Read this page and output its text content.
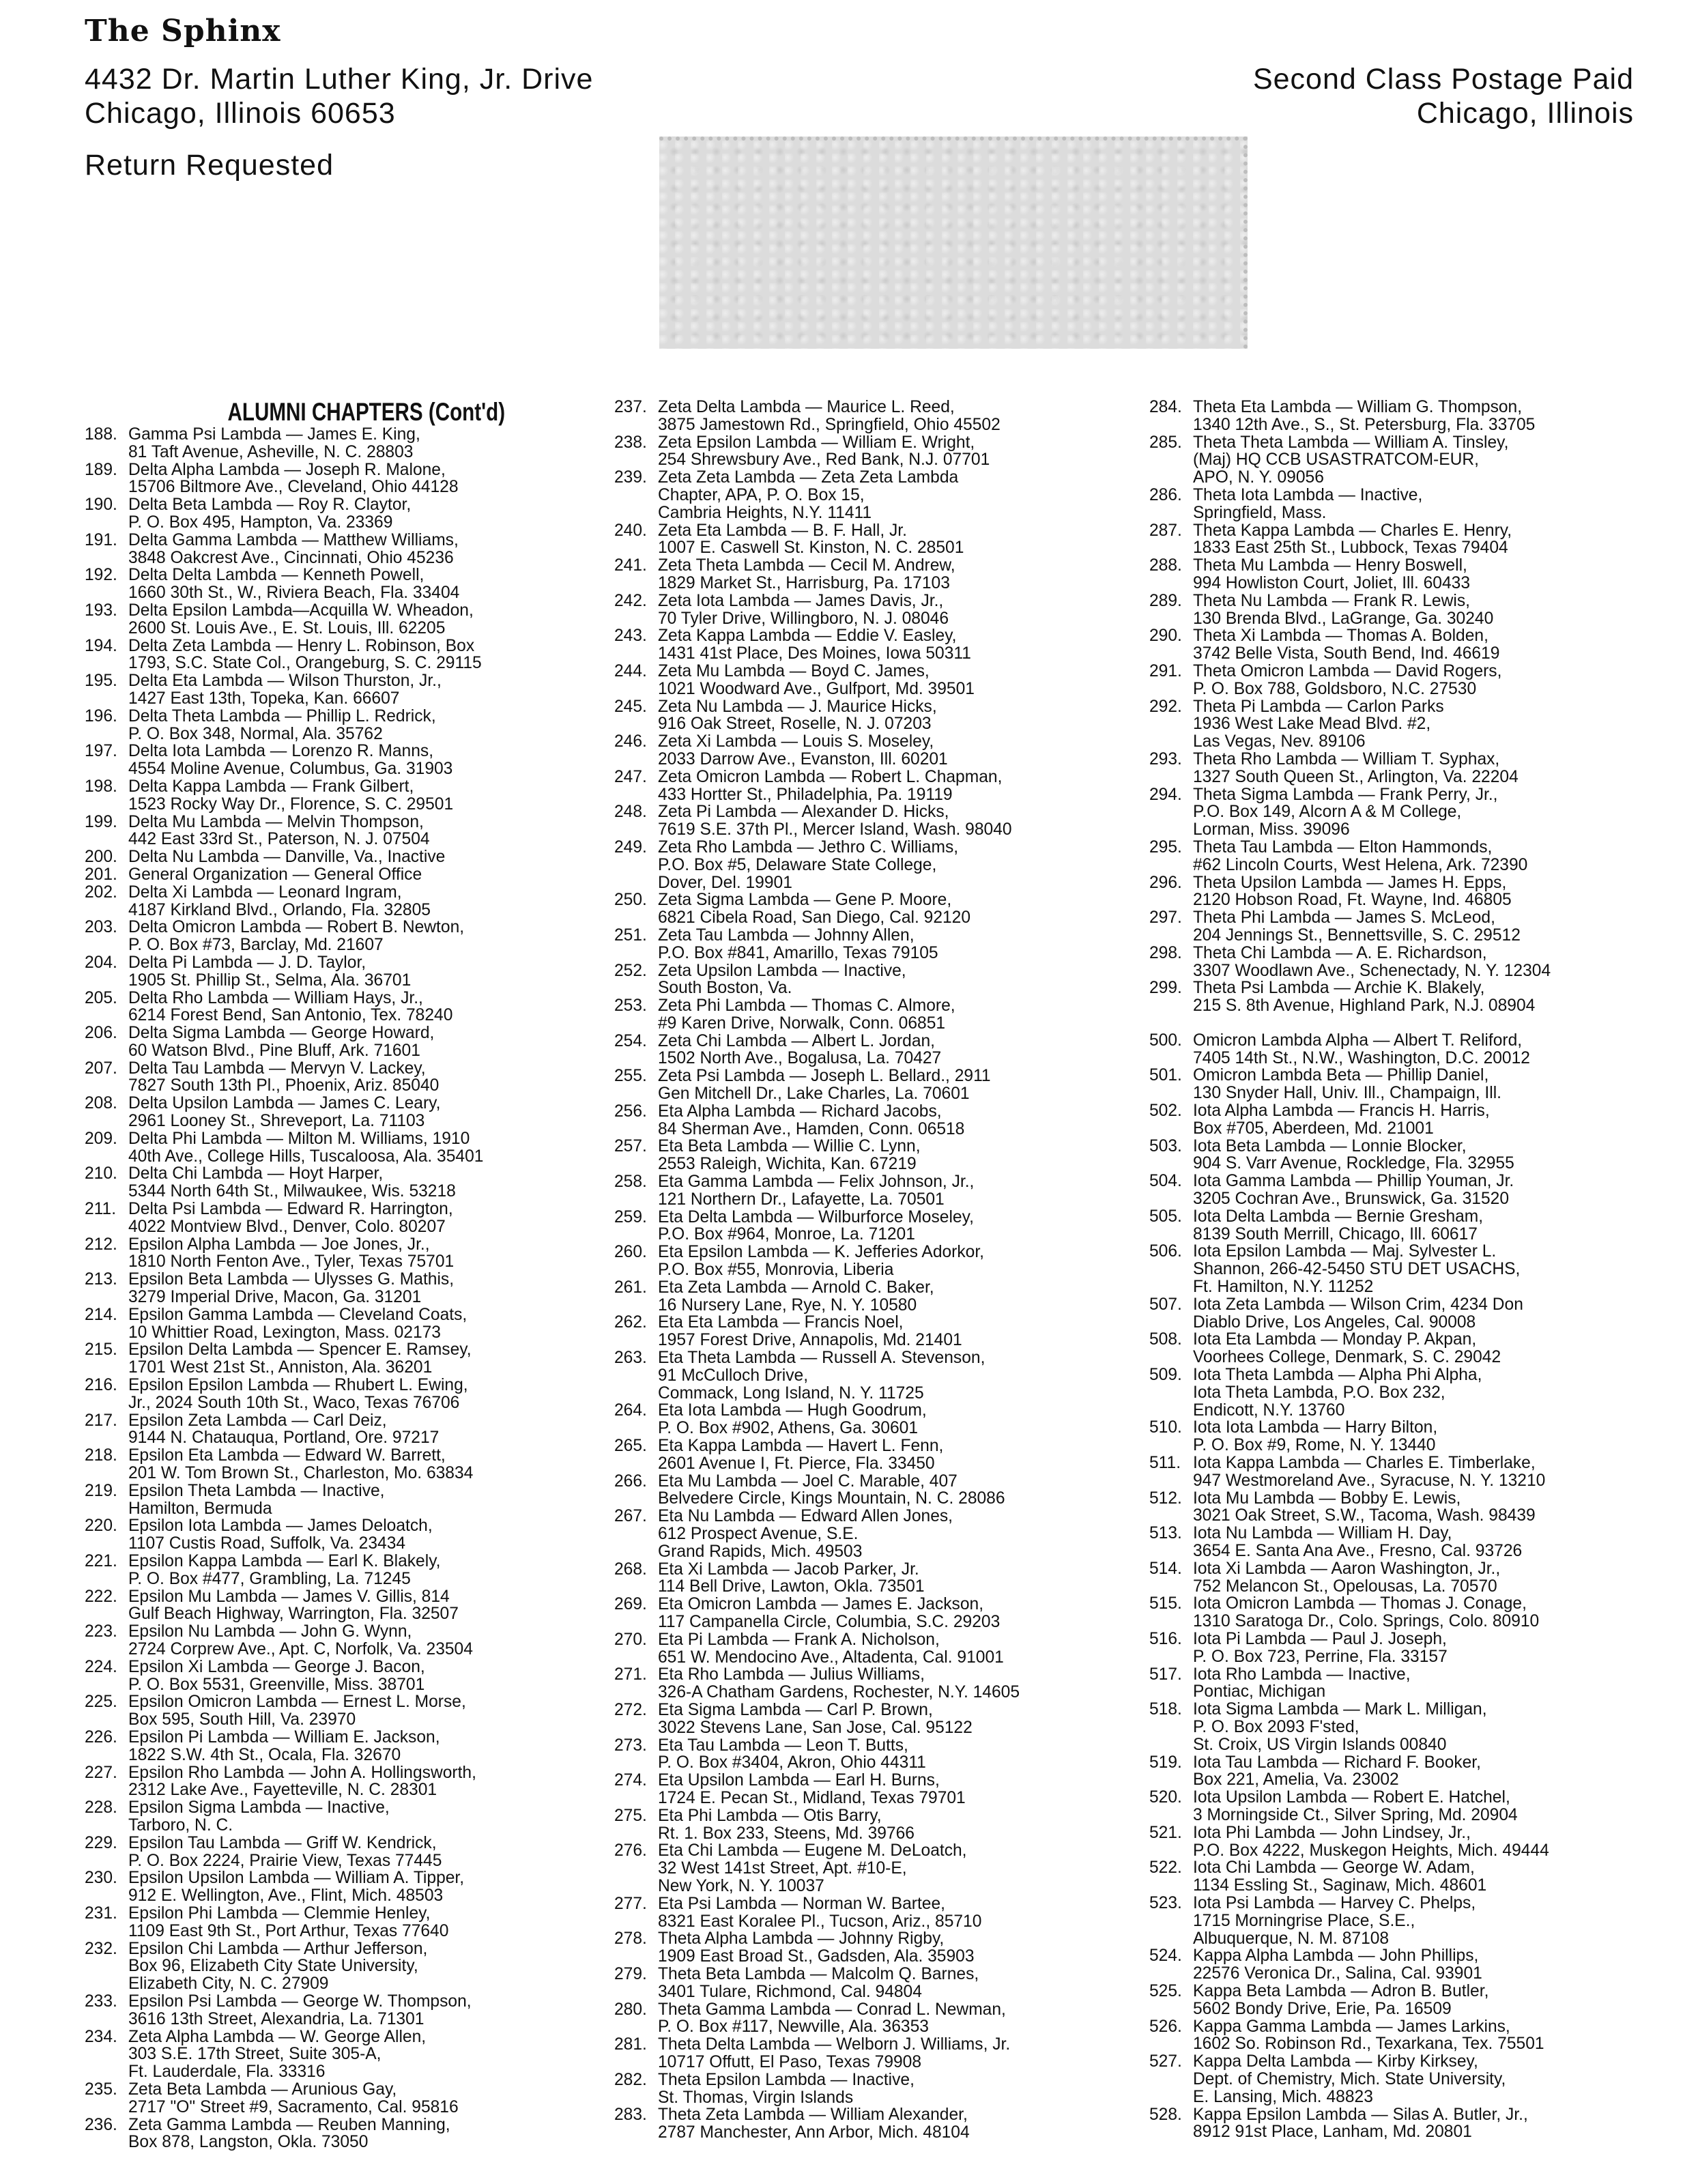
The Sphinx
4432 Dr. Martin Luther King, Jr. Drive
Chicago, Illinois 60653
Return Requested
Second Class Postage Paid
Chicago, Illinois
ALUMNI CHAPTERS (Cont'd)
188. Gamma Psi Lambda — James E. King,
81 Taft Avenue, Asheville, N. C. 28803
189. Delta Alpha Lambda — Joseph R. Malone,
15706 Biltmore Ave., Cleveland, Ohio 44128
190. Delta Beta Lambda — Roy R. Claytor,
P. O. Box 495, Hampton, Va. 23369
191. Delta Gamma Lambda — Matthew Williams,
3848 Oakcrest Ave., Cincinnati, Ohio 45236
192. Delta Delta Lambda — Kenneth Powell,
1660 30th St., W., Riviera Beach, Fla. 33404
193. Delta Epsilon Lambda—Acquilla W. Wheadon,
2600 St. Louis Ave., E. St. Louis, Ill. 62205
194. Delta Zeta Lambda — Henry L. Robinson, Box
1793, S.C. State Col., Orangeburg, S. C. 29115
195. Delta Eta Lambda — Wilson Thurston, Jr.,
1427 East 13th, Topeka, Kan. 66607
196. Delta Theta Lambda — Phillip L. Redrick,
P. O. Box 348, Normal, Ala. 35762
197. Delta Iota Lambda — Lorenzo R. Manns,
4554 Moline Avenue, Columbus, Ga. 31903
198. Delta Kappa Lambda — Frank Gilbert,
1523 Rocky Way Dr., Florence, S. C. 29501
199. Delta Mu Lambda — Melvin Thompson,
442 East 33rd St., Paterson, N. J. 07504
200. Delta Nu Lambda — Danville, Va., Inactive
201. General Organization — General Office
202. Delta Xi Lambda — Leonard Ingram,
4187 Kirkland Blvd., Orlando, Fla. 32805
203. Delta Omicron Lambda — Robert B. Newton,
P. O. Box #73, Barclay, Md. 21607
204. Delta Pi Lambda — J. D. Taylor,
1905 St. Phillip St., Selma, Ala. 36701
205. Delta Rho Lambda — William Hays, Jr.,
6214 Forest Bend, San Antonio, Tex. 78240
206. Delta Sigma Lambda — George Howard,
60 Watson Blvd., Pine Bluff, Ark. 71601
207. Delta Tau Lambda — Mervyn V. Lackey,
7827 South 13th Pl., Phoenix, Ariz. 85040
208. Delta Upsilon Lambda — James C. Leary,
2961 Looney St., Shreveport, La. 71103
209. Delta Phi Lambda — Milton M. Williams, 1910
40th Ave., College Hills, Tuscaloosa, Ala. 35401
210. Delta Chi Lambda — Hoyt Harper,
5344 North 64th St., Milwaukee, Wis. 53218
211. Delta Psi Lambda — Edward R. Harrington,
4022 Montview Blvd., Denver, Colo. 80207
212. Epsilon Alpha Lambda — Joe Jones, Jr.,
1810 North Fenton Ave., Tyler, Texas 75701
213. Epsilon Beta Lambda — Ulysses G. Mathis,
3279 Imperial Drive, Macon, Ga. 31201
214. Epsilon Gamma Lambda — Cleveland Coats,
10 Whittier Road, Lexington, Mass. 02173
215. Epsilon Delta Lambda — Spencer E. Ramsey,
1701 West 21st St., Anniston, Ala. 36201
216. Epsilon Epsilon Lambda — Rhubert L. Ewing,
Jr., 2024 South 10th St., Waco, Texas 76706
217. Epsilon Zeta Lambda — Carl Deiz,
9144 N. Chatauqua, Portland, Ore. 97217
218. Epsilon Eta Lambda — Edward W. Barrett,
201 W. Tom Brown St., Charleston, Mo. 63834
219. Epsilon Theta Lambda — Inactive,
Hamilton, Bermuda
220. Epsilon Iota Lambda — James Deloatch,
1107 Custis Road, Suffolk, Va. 23434
221. Epsilon Kappa Lambda — Earl K. Blakely,
P. O. Box #477, Grambling, La. 71245
222. Epsilon Mu Lambda — James V. Gillis, 814
Gulf Beach Highway, Warrington, Fla. 32507
223. Epsilon Nu Lambda — John G. Wynn,
2724 Corprew Ave., Apt. C, Norfolk, Va. 23504
224. Epsilon Xi Lambda — George J. Bacon,
P. O. Box 5531, Greenville, Miss. 38701
225. Epsilon Omicron Lambda — Ernest L. Morse,
Box 595, South Hill, Va. 23970
226. Epsilon Pi Lambda — William E. Jackson,
1822 S.W. 4th St., Ocala, Fla. 32670
227. Epsilon Rho Lambda — John A. Hollingsworth,
2312 Lake Ave., Fayetteville, N. C. 28301
228. Epsilon Sigma Lambda — Inactive,
Tarboro, N. C.
229. Epsilon Tau Lambda — Griff W. Kendrick,
P. O. Box 2224, Prairie View, Texas 77445
230. Epsilon Upsilon Lambda — William A. Tipper,
912 E. Wellington, Ave., Flint, Mich. 48503
231. Epsilon Phi Lambda — Clemmie Henley,
1109 East 9th St., Port Arthur, Texas 77640
232. Epsilon Chi Lambda — Arthur Jefferson,
Box 96, Elizabeth City State University,
Elizabeth City, N. C. 27909
233. Epsilon Psi Lambda — George W. Thompson,
3616 13th Street, Alexandria, La. 71301
234. Zeta Alpha Lambda — W. George Allen,
303 S.E. 17th Street, Suite 305-A,
Ft. Lauderdale, Fla. 33316
235. Zeta Beta Lambda — Arunious Gay,
2717 "O" Street #9, Sacramento, Cal. 95816
236. Zeta Gamma Lambda — Reuben Manning,
Box 878, Langston, Okla. 73050
237. Zeta Delta Lambda — Maurice L. Reed,
3875 Jamestown Rd., Springfield, Ohio 45502
238. Zeta Epsilon Lambda — William E. Wright,
254 Shrewsbury Ave., Red Bank, N.J. 07701
239. Zeta Zeta Lambda — Zeta Zeta Lambda
Chapter, APA, P. O. Box 15,
Cambria Heights, N.Y. 11411
240. Zeta Eta Lambda — B. F. Hall, Jr.
1007 E. Caswell St. Kinston, N. C. 28501
241. Zeta Theta Lambda — Cecil M. Andrew,
1829 Market St., Harrisburg, Pa. 17103
242. Zeta Iota Lambda — James Davis, Jr.,
70 Tyler Drive, Willingboro, N. J. 08046
243. Zeta Kappa Lambda — Eddie V. Easley,
1431 41st Place, Des Moines, Iowa 50311
244. Zeta Mu Lambda — Boyd C. James,
1021 Woodward Ave., Gulfport, Md. 39501
245. Zeta Nu Lambda — J. Maurice Hicks,
916 Oak Street, Roselle, N. J. 07203
246. Zeta Xi Lambda — Louis S. Moseley,
2033 Darrow Ave., Evanston, Ill. 60201
247. Zeta Omicron Lambda — Robert L. Chapman,
433 Hortter St., Philadelphia, Pa. 19119
248. Zeta Pi Lambda — Alexander D. Hicks,
7619 S.E. 37th Pl., Mercer Island, Wash. 98040
249. Zeta Rho Lambda — Jethro C. Williams,
P.O. Box #5, Delaware State College,
Dover, Del. 19901
250. Zeta Sigma Lambda — Gene P. Moore,
6821 Cibela Road, San Diego, Cal. 92120
251. Zeta Tau Lambda — Johnny Allen,
P.O. Box #841, Amarillo, Texas 79105
252. Zeta Upsilon Lambda — Inactive,
South Boston, Va.
253. Zeta Phi Lambda — Thomas C. Almore,
#9 Karen Drive, Norwalk, Conn. 06851
254. Zeta Chi Lambda — Albert L. Jordan,
1502 North Ave., Bogalusa, La. 70427
255. Zeta Psi Lambda — Joseph L. Bellard., 2911
Gen Mitchell Dr., Lake Charles, La. 70601
256. Eta Alpha Lambda — Richard Jacobs,
84 Sherman Ave., Hamden, Conn. 06518
257. Eta Beta Lambda — Willie C. Lynn,
2553 Raleigh, Wichita, Kan. 67219
258. Eta Gamma Lambda — Felix Johnson, Jr.,
121 Northern Dr., Lafayette, La. 70501
259. Eta Delta Lambda — Wilburforce Moseley,
P.O. Box #964, Monroe, La. 71201
260. Eta Epsilon Lambda — K. Jefferies Adorkor,
P.O. Box #55, Monrovia, Liberia
261. Eta Zeta Lambda — Arnold C. Baker,
16 Nursery Lane, Rye, N. Y. 10580
262. Eta Eta Lambda — Francis Noel,
1957 Forest Drive, Annapolis, Md. 21401
263. Eta Theta Lambda — Russell A. Stevenson,
91 McCulloch Drive,
Commack, Long Island, N. Y. 11725
264. Eta Iota Lambda — Hugh Goodrum,
P. O. Box #902, Athens, Ga. 30601
265. Eta Kappa Lambda — Havert L. Fenn,
2601 Avenue I, Ft. Pierce, Fla. 33450
266. Eta Mu Lambda — Joel C. Marable, 407
Belvedere Circle, Kings Mountain, N. C. 28086
267. Eta Nu Lambda — Edward Allen Jones,
612 Prospect Avenue, S.E.
Grand Rapids, Mich. 49503
268. Eta Xi Lambda — Jacob Parker, Jr.
114 Bell Drive, Lawton, Okla. 73501
269. Eta Omicron Lambda — James E. Jackson,
117 Campanella Circle, Columbia, S.C. 29203
270. Eta Pi Lambda — Frank A. Nicholson,
651 W. Mendocino Ave., Altadenta, Cal. 91001
271. Eta Rho Lambda — Julius Williams,
326-A Chatham Gardens, Rochester, N.Y. 14605
272. Eta Sigma Lambda — Carl P. Brown,
3022 Stevens Lane, San Jose, Cal. 95122
273. Eta Tau Lambda — Leon T. Butts,
P. O. Box #3404, Akron, Ohio 44311
274. Eta Upsilon Lambda — Earl H. Burns,
1724 E. Pecan St., Midland, Texas 79701
275. Eta Phi Lambda — Otis Barry,
Rt. 1. Box 233, Steens, Md. 39766
276. Eta Chi Lambda — Eugene M. DeLoatch,
32 West 141st Street, Apt. #10-E,
New York, N. Y. 10037
277. Eta Psi Lambda — Norman W. Bartee,
8321 East Koralee Pl., Tucson, Ariz., 85710
278. Theta Alpha Lambda — Johnny Rigby,
1909 East Broad St., Gadsden, Ala. 35903
279. Theta Beta Lambda — Malcolm Q. Barnes,
3401 Tulare, Richmond, Cal. 94804
280. Theta Gamma Lambda — Conrad L. Newman,
P. O. Box #117, Newville, Ala. 36353
281. Theta Delta Lambda — Welborn J. Williams, Jr.
10717 Offutt, El Paso, Texas 79908
282. Theta Epsilon Lambda — Inactive,
St. Thomas, Virgin Islands
283. Theta Zeta Lambda — William Alexander,
2787 Manchester, Ann Arbor, Mich. 48104
284. Theta Eta Lambda — William G. Thompson,
1340 12th Ave., S., St. Petersburg, Fla. 33705
285. Theta Theta Lambda — William A. Tinsley,
(Maj) HQ CCB USASTRATCOM-EUR,
APO, N. Y. 09056
286. Theta Iota Lambda — Inactive,
Springfield, Mass.
287. Theta Kappa Lambda — Charles E. Henry,
1833 East 25th St., Lubbock, Texas 79404
288. Theta Mu Lambda — Henry Boswell,
994 Howliston Court, Joliet, Ill. 60433
289. Theta Nu Lambda — Frank R. Lewis,
130 Brenda Blvd., LaGrange, Ga. 30240
290. Theta Xi Lambda — Thomas A. Bolden,
3742 Belle Vista, South Bend, Ind. 46619
291. Theta Omicron Lambda — David Rogers,
P. O. Box 788, Goldsboro, N.C. 27530
292. Theta Pi Lambda — Carlon Parks
1936 West Lake Mead Blvd. #2,
Las Vegas, Nev. 89106
293. Theta Rho Lambda — William T. Syphax,
1327 South Queen St., Arlington, Va. 22204
294. Theta Sigma Lambda — Frank Perry, Jr.,
P.O. Box 149, Alcorn A & M College,
Lorman, Miss. 39096
295. Theta Tau Lambda — Elton Hammonds,
#62 Lincoln Courts, West Helena, Ark. 72390
296. Theta Upsilon Lambda — James H. Epps,
2120 Hobson Road, Ft. Wayne, Ind. 46805
297. Theta Phi Lambda — James S. McLeod,
204 Jennings St., Bennettsville, S. C. 29512
298. Theta Chi Lambda — A. E. Richardson,
3307 Woodlawn Ave., Schenectady, N. Y. 12304
299. Theta Psi Lambda — Archie K. Blakely,
215 S. 8th Avenue, Highland Park, N.J. 08904
500. Omicron Lambda Alpha — Albert T. Reliford,
7405 14th St., N.W., Washington, D.C. 20012
501. Omicron Lambda Beta — Phillip Daniel,
130 Snyder Hall, Univ. Ill., Champaign, Ill.
502. Iota Alpha Lambda — Francis H. Harris,
Box #705, Aberdeen, Md. 21001
503. Iota Beta Lambda — Lonnie Blocker,
904 S. Varr Avenue, Rockledge, Fla. 32955
504. Iota Gamma Lambda — Phillip Youman, Jr.
3205 Cochran Ave., Brunswick, Ga. 31520
505. Iota Delta Lambda — Bernie Gresham,
8139 South Merrill, Chicago, Ill. 60617
506. Iota Epsilon Lambda — Maj. Sylvester L.
Shannon, 266-42-5450 STU DET USACHS,
Ft. Hamilton, N.Y. 11252
507. Iota Zeta Lambda — Wilson Crim, 4234 Don
Diablo Drive, Los Angeles, Cal. 90008
508. Iota Eta Lambda — Monday P. Akpan,
Voorhees College, Denmark, S. C. 29042
509. Iota Theta Lambda — Alpha Phi Alpha,
Iota Theta Lambda, P.O. Box 232,
Endicott, N.Y. 13760
510. Iota Iota Lambda — Harry Bilton,
P. O. Box #9, Rome, N. Y. 13440
511. Iota Kappa Lambda — Charles E. Timberlake,
947 Westmoreland Ave., Syracuse, N. Y. 13210
512. Iota Mu Lambda — Bobby E. Lewis,
3021 Oak Street, S.W., Tacoma, Wash. 98439
513. Iota Nu Lambda — William H. Day,
3654 E. Santa Ana Ave., Fresno, Cal. 93726
514. Iota Xi Lambda — Aaron Washington, Jr.,
752 Melancon St., Opelousas, La. 70570
515. Iota Omicron Lambda — Thomas J. Conage,
1310 Saratoga Dr., Colo. Springs, Colo. 80910
516. Iota Pi Lambda — Paul J. Joseph,
P. O. Box 723, Perrine, Fla. 33157
517. Iota Rho Lambda — Inactive,
Pontiac, Michigan
518. Iota Sigma Lambda — Mark L. Milligan,
P. O. Box 2093 F'sted,
St. Croix, US Virgin Islands 00840
519. Iota Tau Lambda — Richard F. Booker,
Box 221, Amelia, Va. 23002
520. Iota Upsilon Lambda — Robert E. Hatchel,
3 Morningside Ct., Silver Spring, Md. 20904
521. Iota Phi Lambda — John Lindsey, Jr.,
P.O. Box 4222, Muskegon Heights, Mich. 49444
522. Iota Chi Lambda — George W. Adam,
1134 Essling St., Saginaw, Mich. 48601
523. Iota Psi Lambda — Harvey C. Phelps,
1715 Morningrise Place, S.E.,
Albuquerque, N. M. 87108
524. Kappa Alpha Lambda — John Phillips,
22576 Veronica Dr., Salina, Cal. 93901
525. Kappa Beta Lambda — Adron B. Butler,
5602 Bondy Drive, Erie, Pa. 16509
526. Kappa Gamma Lambda — James Larkins,
1602 So. Robinson Rd., Texarkana, Tex. 75501
527. Kappa Delta Lambda — Kirby Kirksey,
Dept. of Chemistry, Mich. State University,
E. Lansing, Mich. 48823
528. Kappa Epsilon Lambda — Silas A. Butler, Jr.,
8912 91st Place, Lanham, Md. 20801
